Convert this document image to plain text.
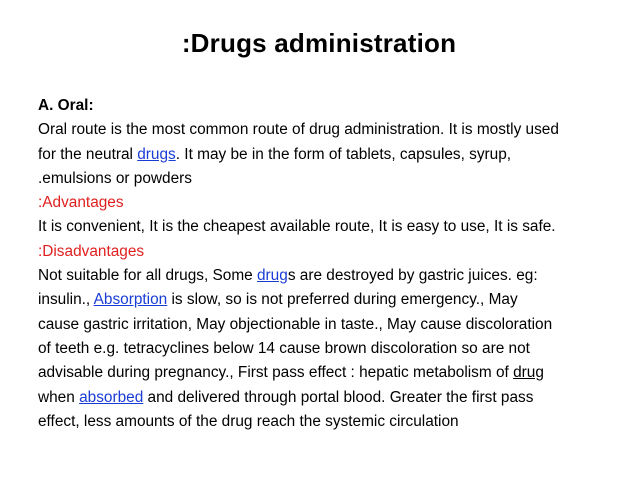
:Drugs administration
A. Oral:
Oral route is the most common route of drug administration. It is mostly used
for the neutral drugs. It may be in the form of tablets, capsules, syrup,
.emulsions or powders
:Advantages
It is convenient, It is the cheapest available route, It is easy to use, It is safe.
:Disadvantages
Not suitable for all drugs, Some drugs are destroyed by gastric juices. eg:
insulin., Absorption is slow, so is not preferred during emergency., May
cause gastric irritation, May objectionable in taste., May cause discoloration
of teeth e.g. tetracyclines below 14 cause brown discoloration so are not
advisable during pregnancy., First pass effect : hepatic metabolism of drug
when absorbed and delivered through portal blood. Greater the first pass
effect, less amounts of the drug reach the systemic circulation
